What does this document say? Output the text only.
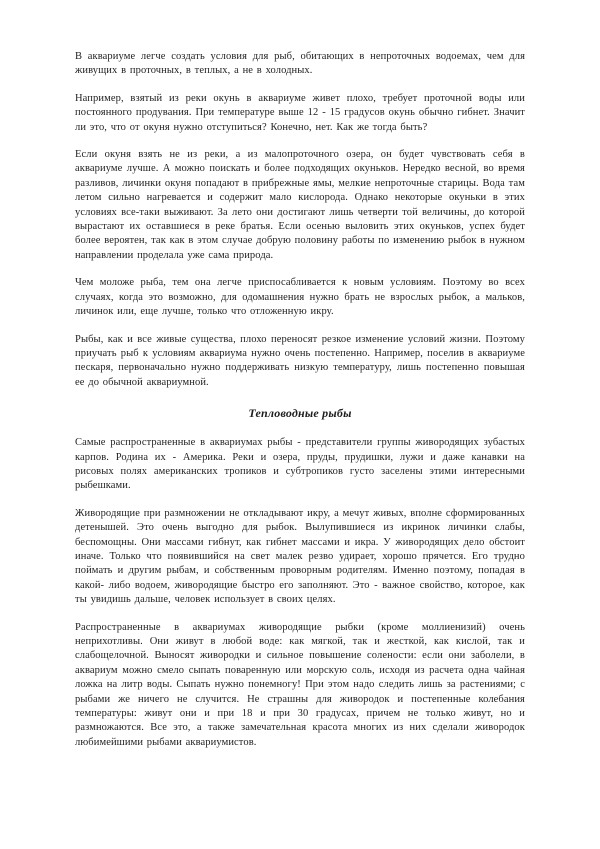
В аквариуме легче создать условия для рыб, обитающих в непроточных водоемах, чем для живущих в проточных, в теплых, а не в холодных.

Например, взятый из реки окунь в аквариуме живет плохо, требует проточной воды или постоянного продувания. При температуре выше 12 - 15 градусов окунь обычно гибнет. Значит ли это, что от окуня нужно отступиться? Конечно, нет. Как же тогда быть?

Если окуня взять не из реки, а из малопроточного озера, он будет чувствовать себя в аквариуме лучше. А можно поискать и более подходящих окуньков. Нередко весной, во время разливов, личинки окуня попадают в прибрежные ямы, мелкие непроточные старицы. Вода там летом сильно нагревается и содержит мало кислорода. Однако некоторые окуньки в этих условиях все-таки выживают. За лето они достигают лишь четверти той величины, до которой вырастают их оставшиеся в реке братья. Если осенью выловить этих окуньков, успех будет более вероятен, так как в этом случае добрую половину работы по изменению рыбок в нужном направлении проделала уже сама природа.

Чем моложе рыба, тем она легче приспосабливается к новым условиям. Поэтому во всех случаях, когда это возможно, для одомашнения нужно брать не взрослых рыбок, а мальков, личинок или, еще лучше, только что отложенную икру.

Рыбы, как и все живые существа, плохо переносят резкое изменение условий жизни. Поэтому приучать рыб к условиям аквариума нужно очень постепенно. Например, поселив в аквариуме пескаря, первоначально нужно поддерживать низкую температуру, лишь постепенно повышая ее до обычной аквариумной.

Тепловодные рыбы

Самые распространенные в аквариумах рыбы - представители группы живородящих зубастых карпов. Родина их - Америка. Реки и озера, пруды, прудишки, лужи и даже канавки на рисовых полях американских тропиков и субтропиков густо заселены этими интересными рыбешками.

Живородящие при размножении не откладывают икру, а мечут живых, вполне сформированных детенышей. Это очень выгодно для рыбок. Вылупившиеся из икринок личинки слабы, беспомощны. Они массами гибнут, как гибнет массами и икра. У живородящих дело обстоит иначе. Только что появившийся на свет малек резво удирает, хорошо прячется. Его трудно поймать и другим рыбам, и собственным проворным родителям. Именно поэтому, попадая в какой- либо водоем, живородящие быстро его заполняют. Это - важное свойство, которое, как ты увидишь дальше, человек использует в своих целях.

Распространенные в аквариумах живородящие рыбки (кроме моллиенизий) очень неприхотливы. Они живут в любой воде: как мягкой, так и жесткой, как кислой, так и слабощелочной. Выносят живородки и сильное повышение солености: если они заболели, в аквариум можно смело сыпать поваренную или морскую соль, исходя из расчета одна чайная ложка на литр воды. Сыпать нужно понемногу! При этом надо следить лишь за растениями; с рыбами же ничего не случится. Не страшны для живородок и постепенные колебания температуры: живут они и при 18 и при 30 градусах, причем не только живут, но и размножаются. Все это, а также замечательная красота многих из них сделали живородок любимейшими рыбами аквариумистов.
